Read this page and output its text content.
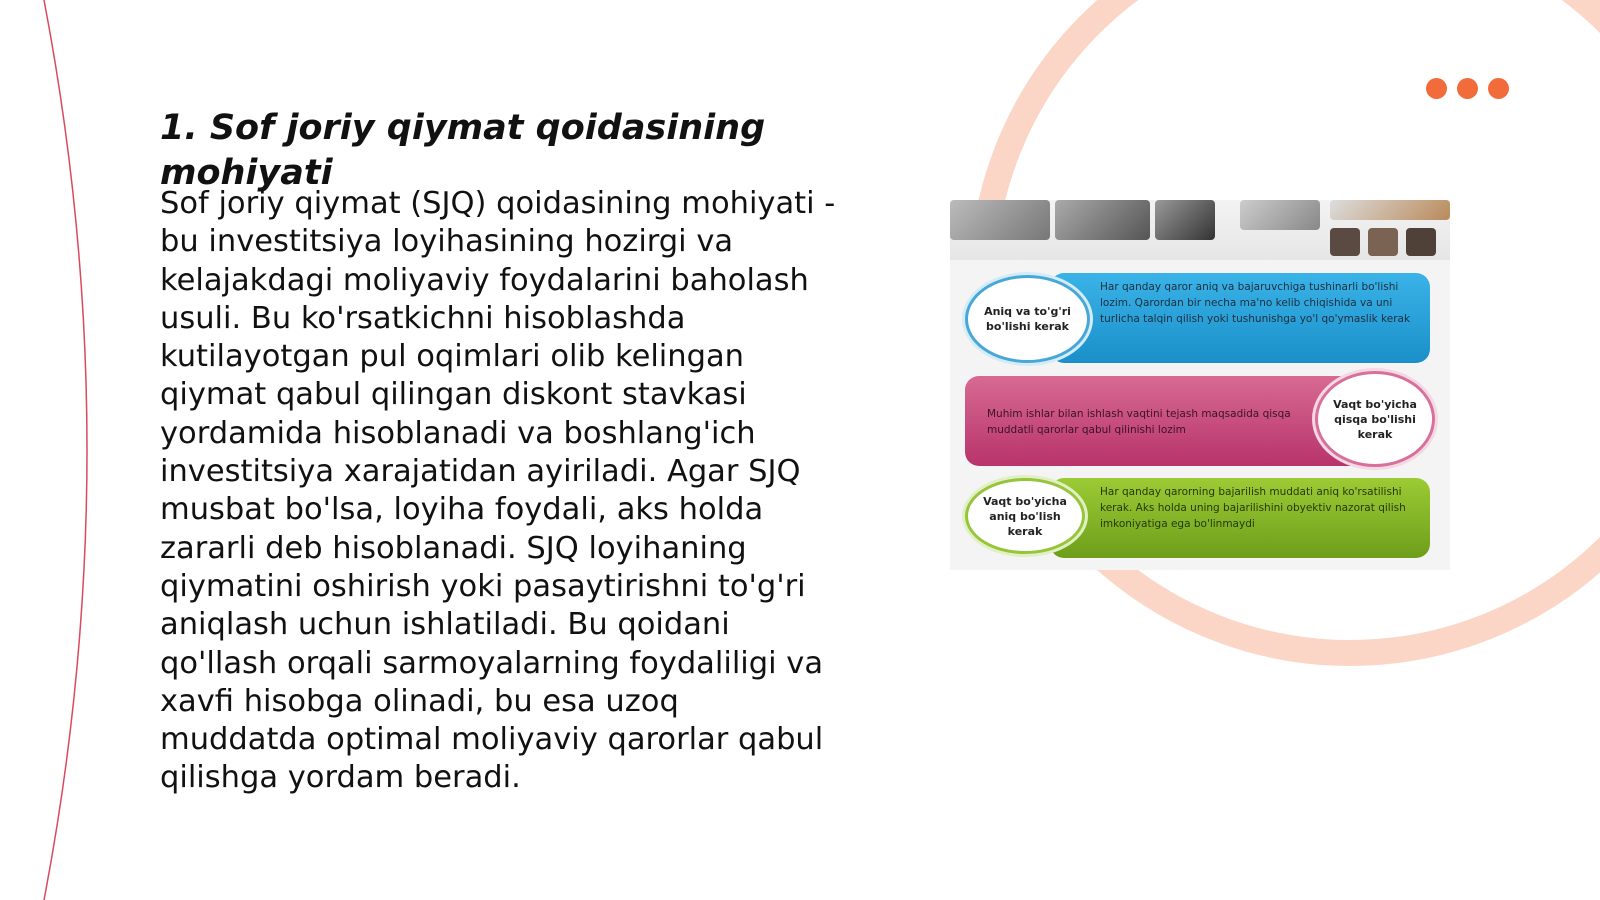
1. Sof joriy qiymat qoidasining mohiyati

Sof joriy qiymat (SJQ) qoidasining mohiyati - bu investitsiya loyihasining hozirgi va kelajakdagi moliyaviy foydalarini baholash usuli. Bu ko'rsatkichni hisoblashda kutilayotgan pul oqimlari olib kelingan qiymat qabul qilingan diskont stavkasi yordamida hisoblanadi va boshlang'ich investitsiya xarajatidan ayiriladi. Agar SJQ musbat bo'lsa, loyiha foydali, aks holda zararli deb hisoblanadi. SJQ loyihaning qiymatini oshirish yoki pasaytirishni to'g'ri aniqlash uchun ishlatiladi. Bu qoidani qo'llash orqali sarmoyalarning foydaliligi va xavfi hisobga olinadi, bu esa uzoq muddatda optimal moliyaviy qarorlar qabul qilishga yordam beradi.

Har qanday qaror aniq va bajaruvchiga tushinarli bo'lishi lozim. Qarordan bir necha ma'no kelib chiqishida va uni turlicha talqin qilish yoki tushunishga yo'l qo'ymaslik kerak
Aniq va to'g'ri bo'lishi kerak
Muhim ishlar bilan ishlash vaqtini tejash maqsadida qisqa muddatli qarorlar qabul qilinishi lozim
Vaqt bo'yicha qisqa bo'lishi kerak
Har qanday qarorning bajarilish muddati aniq ko'rsatilishi kerak. Aks holda uning bajarilishini obyektiv nazorat qilish imkoniyatiga ega bo'linmaydi
Vaqt bo'yicha aniq bo'lish kerak
